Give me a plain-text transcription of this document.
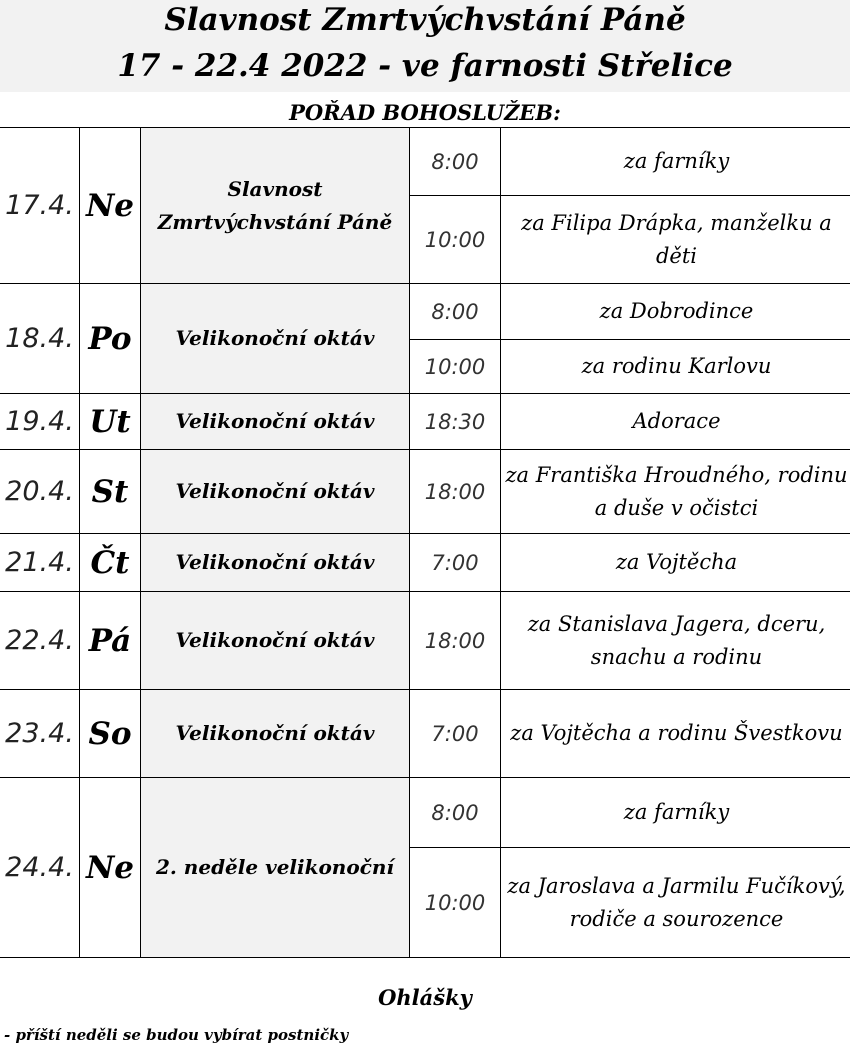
Slavnost Zmrtvýchvstání Páně
17 - 22.4 2022 - ve farnosti Střelice
POŘAD BOHOSLUŽEB:
17.4.	Ne	Slavnost Zmrtvýchvstání Páně	8:00	za farníky
			10:00	za Filipa Drápka, manželku a děti
18.4.	Po	Velikonoční oktáv	8:00	za Dobrodince
			10:00	za rodinu Karlovu
19.4.	Ut	Velikonoční oktáv	18:30	Adorace
20.4.	St	Velikonoční oktáv	18:00	za Františka Hroudného, rodinu a duše v očistci
21.4.	Čt	Velikonoční oktáv	7:00	za Vojtěcha
22.4.	Pá	Velikonoční oktáv	18:00	za Stanislava Jagera, dceru, snachu a rodinu
23.4.	So	Velikonoční oktáv	7:00	za Vojtěcha a rodinu Švestkovu
24.4.	Ne	2. neděle velikonoční	8:00	za farníky
			10:00	za Jaroslava a Jarmilu Fučíkový, rodiče a sourozence
Ohlášky
- příští neděli se budou vybírat postničky
